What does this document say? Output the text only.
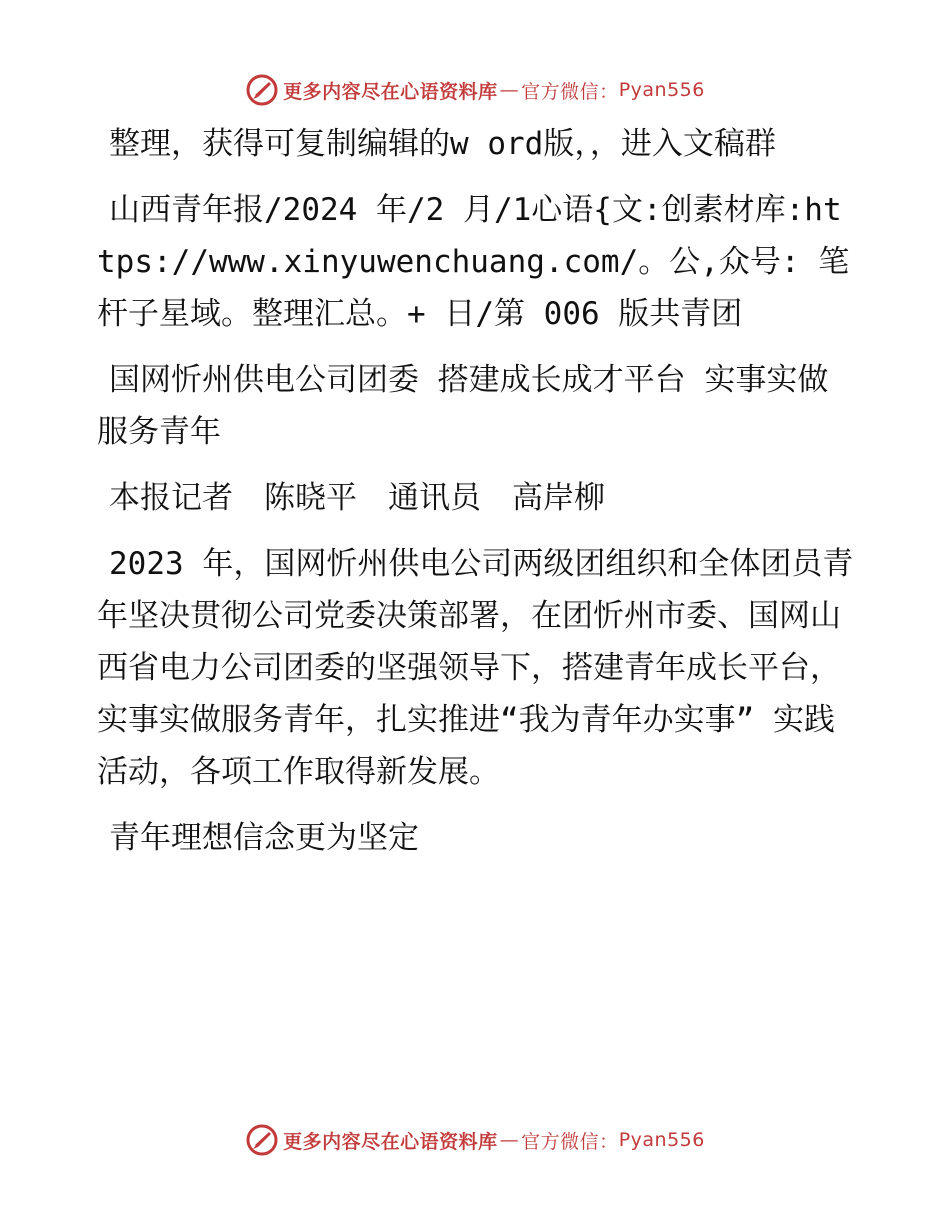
更多内容尽在心语资料库 — 官方微信： Pyan556

整理，获得可复制编辑的w ord版，，进入文稿群

山西青年报/2024 年/2 月/1心语{文:创素材库:https://www.xinyuwenchuang.com/。公,众号: 笔杆子星域。整理汇总。+ 日/第 006 版共青团

国网忻州供电公司团委 搭建成长成才平台 实事实做服务青年

本报记者　陈晓平　通讯员　高岸柳

2023 年，国网忻州供电公司两级团组织和全体团员青年坚决贯彻公司党委决策部署，在团忻州市委、国网山西省电力公司团委的坚强领导下，搭建青年成长平台，实事实做服务青年，扎实推进“我为青年办实事” 实践活动，各项工作取得新发展。

青年理想信念更为坚定

更多内容尽在心语资料库 — 官方微信： Pyan556
